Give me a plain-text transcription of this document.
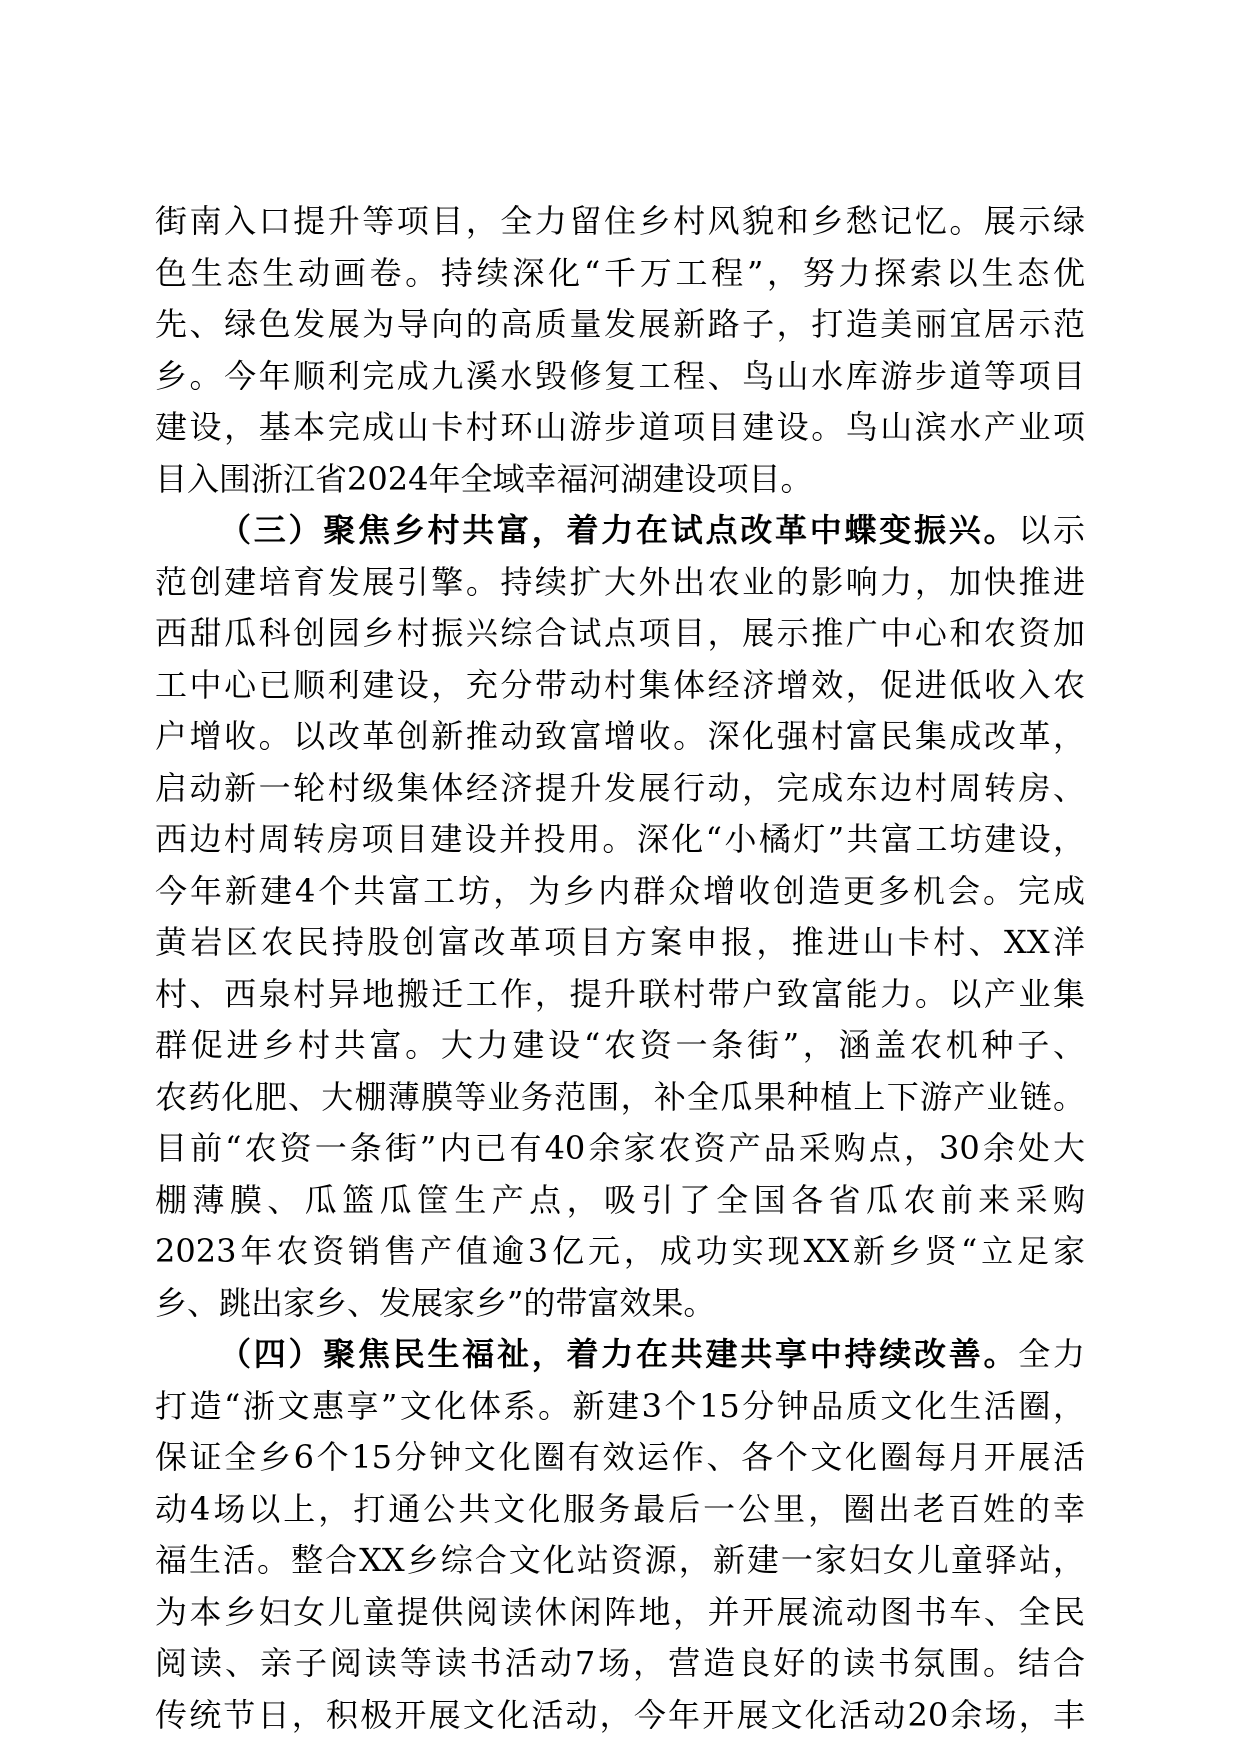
街南入口提升等项目，全力留住乡村风貌和乡愁记忆。展示绿
色生态生动画卷。持续深化“千万工程”，努力探索以生态优
先、绿色发展为导向的高质量发展新路子，打造美丽宜居示范
乡。今年顺利完成九溪水毁修复工程、鸟山水库游步道等项目
建设，基本完成山卡村环山游步道项目建设。鸟山滨水产业项
目入围浙江省2024年全域幸福河湖建设项目。
（三）聚焦乡村共富，着力在试点改革中蝶变振兴。以示
范创建培育发展引擎。持续扩大外出农业的影响力，加快推进
西甜瓜科创园乡村振兴综合试点项目，展示推广中心和农资加
工中心已顺利建设，充分带动村集体经济增效，促进低收入农
户增收。以改革创新推动致富增收。深化强村富民集成改革，
启动新一轮村级集体经济提升发展行动，完成东边村周转房、
西边村周转房项目建设并投用。深化“小橘灯”共富工坊建设，
今年新建4个共富工坊，为乡内群众增收创造更多机会。完成
黄岩区农民持股创富改革项目方案申报，推进山卡村、XX洋
村、西泉村异地搬迁工作，提升联村带户致富能力。以产业集
群促进乡村共富。大力建设“农资一条街”，涵盖农机种子、
农药化肥、大棚薄膜等业务范围，补全瓜果种植上下游产业链。
目前“农资一条街”内已有40余家农资产品采购点，30余处大
棚薄膜、瓜篮瓜筐生产点，吸引了全国各省瓜农前来采购
2023年农资销售产值逾3亿元，成功实现XX新乡贤“立足家
乡、跳出家乡、发展家乡”的带富效果。
（四）聚焦民生福祉，着力在共建共享中持续改善。全力
打造“浙文惠享”文化体系。新建3个15分钟品质文化生活圈，
保证全乡6个15分钟文化圈有效运作、各个文化圈每月开展活
动4场以上，打通公共文化服务最后一公里，圈出老百姓的幸
福生活。整合XX乡综合文化站资源，新建一家妇女儿童驿站，
为本乡妇女儿童提供阅读休闲阵地，并开展流动图书车、全民
阅读、亲子阅读等读书活动7场，营造良好的读书氛围。结合
传统节日，积极开展文化活动，今年开展文化活动20余场，丰
